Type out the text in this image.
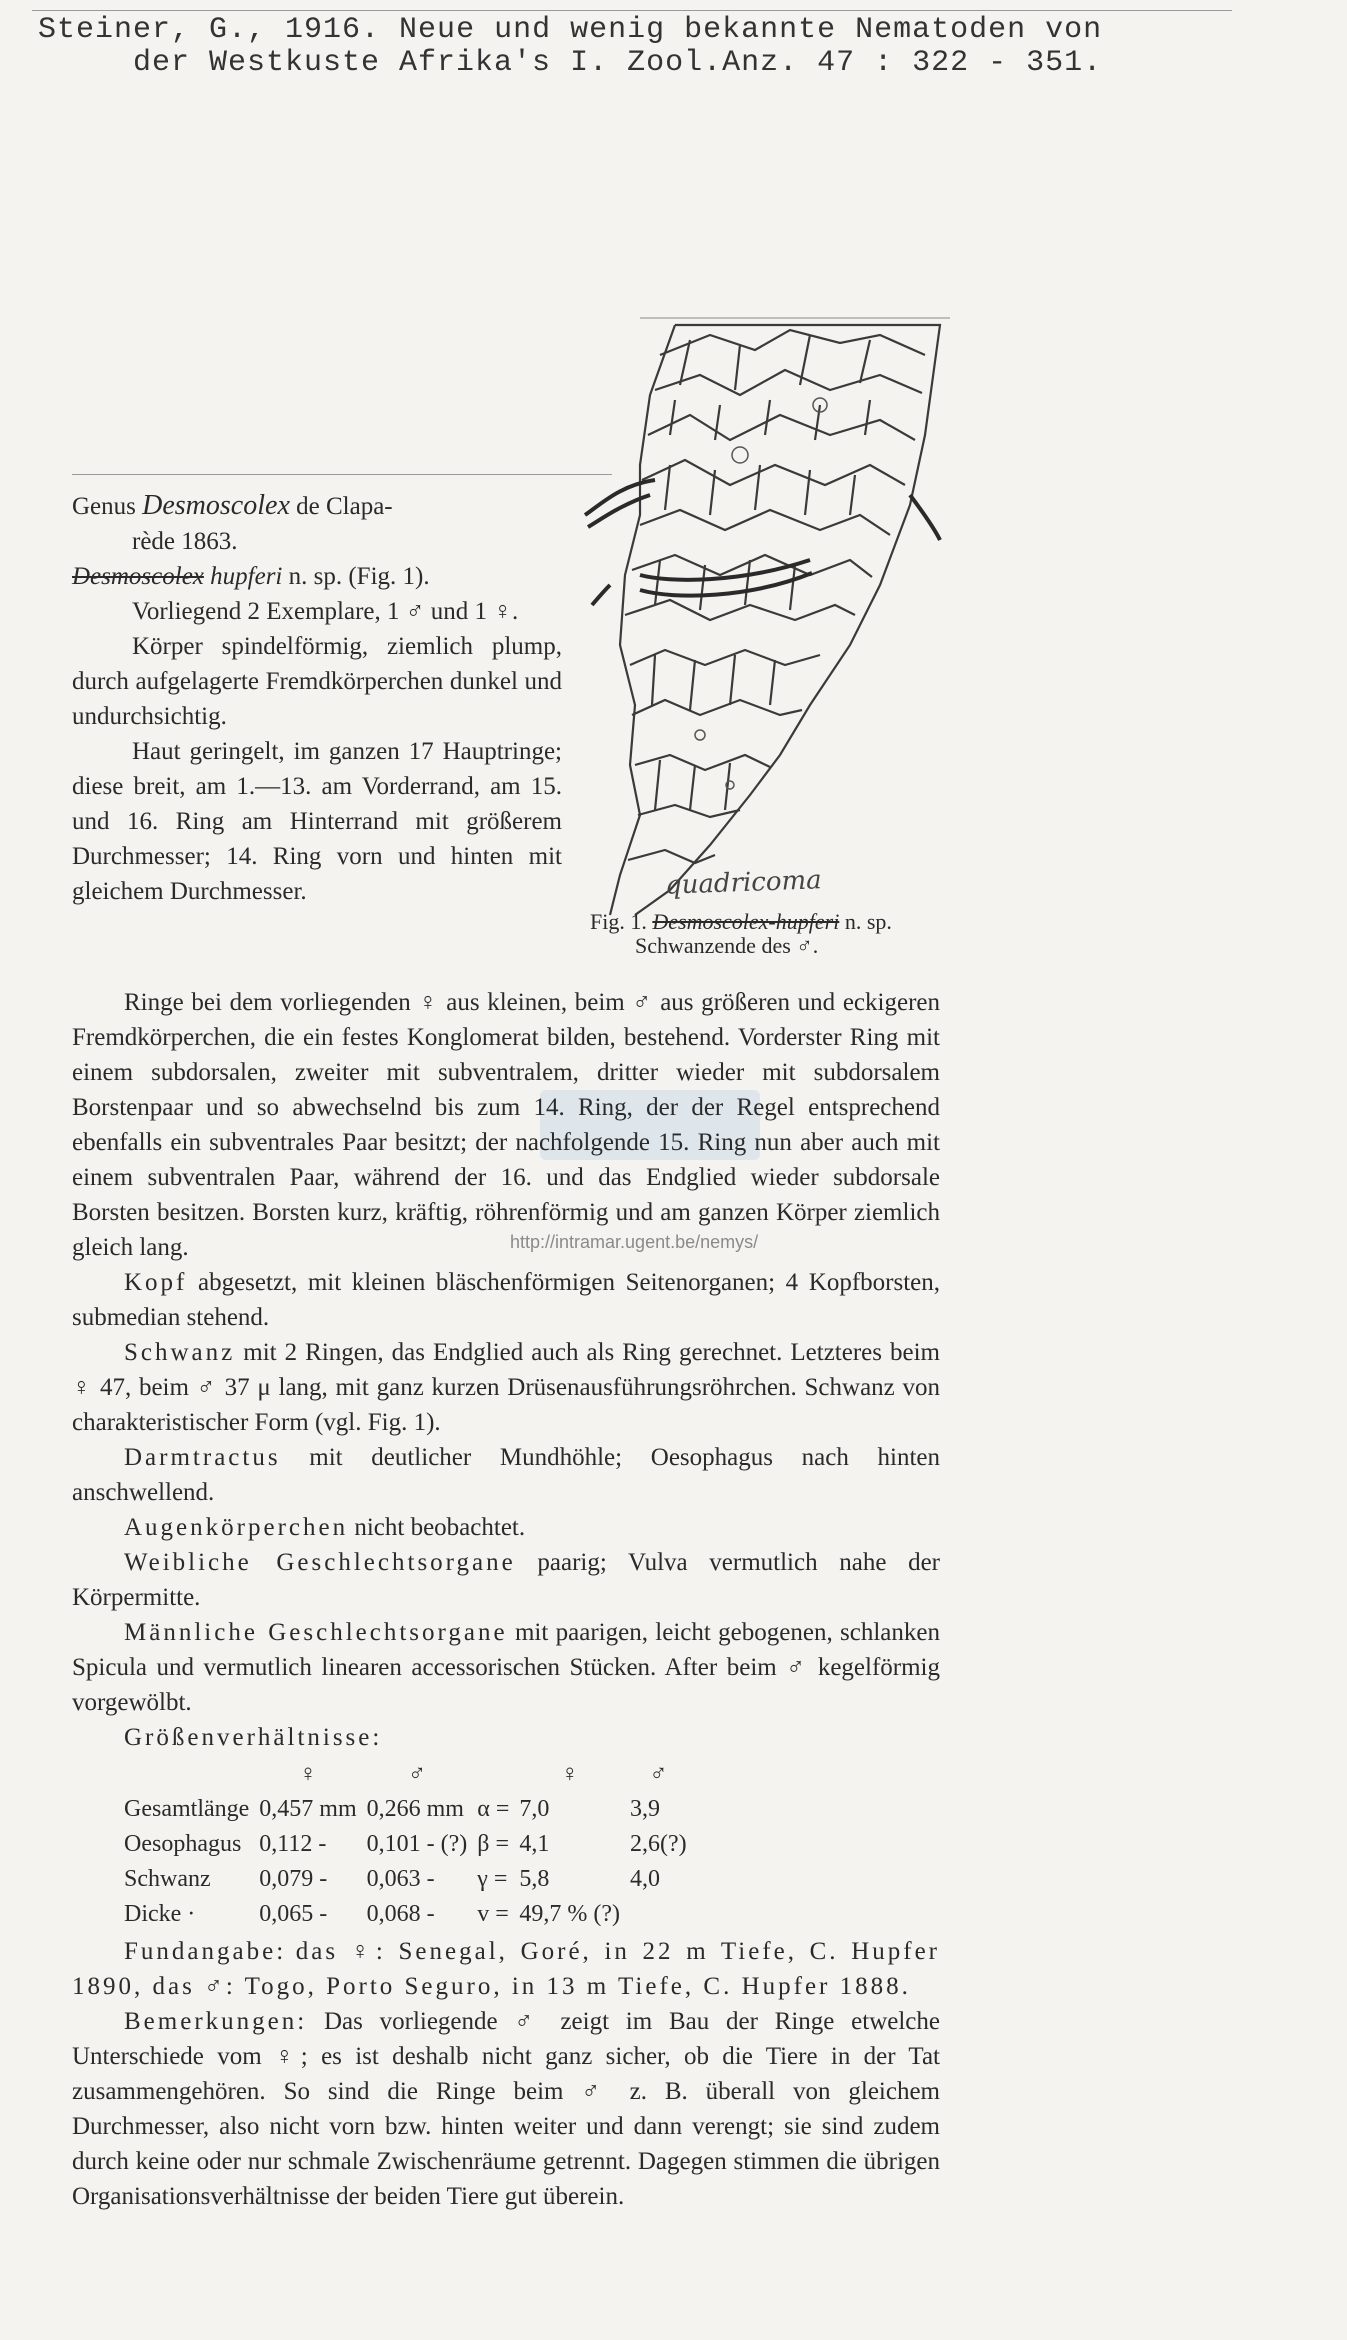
Steiner, G., 1916. Neue und wenig bekannte Nematoden von
der Westkuste Afrika's I. Zool.Anz. 47 : 322 - 351.
quadricoma
Fig. 1. Desmoscolex-hupferi n. sp.
Schwanzende des ♂.
Genus Desmoscolex de Clapa-
rède 1863.
Desmoscolex hupferi n. sp. (Fig. 1).

Vorliegend 2 Exemplare, 1 ♂ und 1 ♀.

Körper spindelförmig, ziemlich plump, durch aufgelagerte Fremdkörperchen dunkel und undurchsichtig.

Haut geringelt, im ganzen 17 Hauptringe; diese breit, am 1.—13. am Vorderrand, am 15. und 16. Ring am Hinterrand mit größerem Durchmesser; 14. Ring vorn und hinten mit gleichem Durchmesser.

http://intramar.ugent.be/nemys/

Ringe bei dem vorliegenden ♀ aus kleinen, beim ♂ aus größeren und eckigeren Fremdkörperchen, die ein festes Konglomerat bilden, bestehend. Vorderster Ring mit einem subdorsalen, zweiter mit subventralem, dritter wieder mit subdorsalem Borstenpaar und so abwechselnd bis zum 14. Ring, der der Regel entsprechend ebenfalls ein subventrales Paar besitzt; der nachfolgende 15. Ring nun aber auch mit einem subventralen Paar, während der 16. und das Endglied wieder subdorsale Borsten besitzen. Borsten kurz, kräftig, röhrenförmig und am ganzen Körper ziemlich gleich lang.

Kopf abgesetzt, mit kleinen bläschenförmigen Seitenorganen; 4 Kopfborsten, submedian stehend.

Schwanz mit 2 Ringen, das Endglied auch als Ring gerechnet. Letzteres beim ♀ 47, beim ♂ 37 μ lang, mit ganz kurzen Drüsenausführungsröhrchen. Schwanz von charakteristischer Form (vgl. Fig. 1).

Darmtractus mit deutlicher Mundhöhle; Oesophagus nach hinten anschwellend.

Augenkörperchen nicht beobachtet.

Weibliche Geschlechtsorgane paarig; Vulva vermutlich nahe der Körpermitte.

Männliche Geschlechtsorgane mit paarigen, leicht gebogenen, schlanken Spicula und vermutlich linearen accessorischen Stücken. After beim ♂ kegelförmig vorgewölbt.

Größenverhältnisse:

	♀	♂		♀	♂
Gesamtlänge	0,457 mm	0,266 mm	α =	7,0	3,9
Oesophagus	0,112 -	0,101 - (?)	β =	4,1	2,6(?)
Schwanz	0,079 -	0,063 -	γ =	5,8	4,0
Dicke ·	0,065 -	0,068 -	v =	49,7 % (?)	

Fundangabe: das ♀: Senegal, Goré, in 22 m Tiefe, C. Hupfer 1890, das ♂: Togo, Porto Seguro, in 13 m Tiefe, C. Hupfer 1888.

Bemerkungen: Das vorliegende ♂ zeigt im Bau der Ringe etwelche Unterschiede vom ♀; es ist deshalb nicht ganz sicher, ob die Tiere in der Tat zusammengehören. So sind die Ringe beim ♂ z. B. überall von gleichem Durchmesser, also nicht vorn bzw. hinten weiter und dann verengt; sie sind zudem durch keine oder nur schmale Zwischenräume getrennt. Dagegen stimmen die übrigen Organisationsverhältnisse der beiden Tiere gut überein.
